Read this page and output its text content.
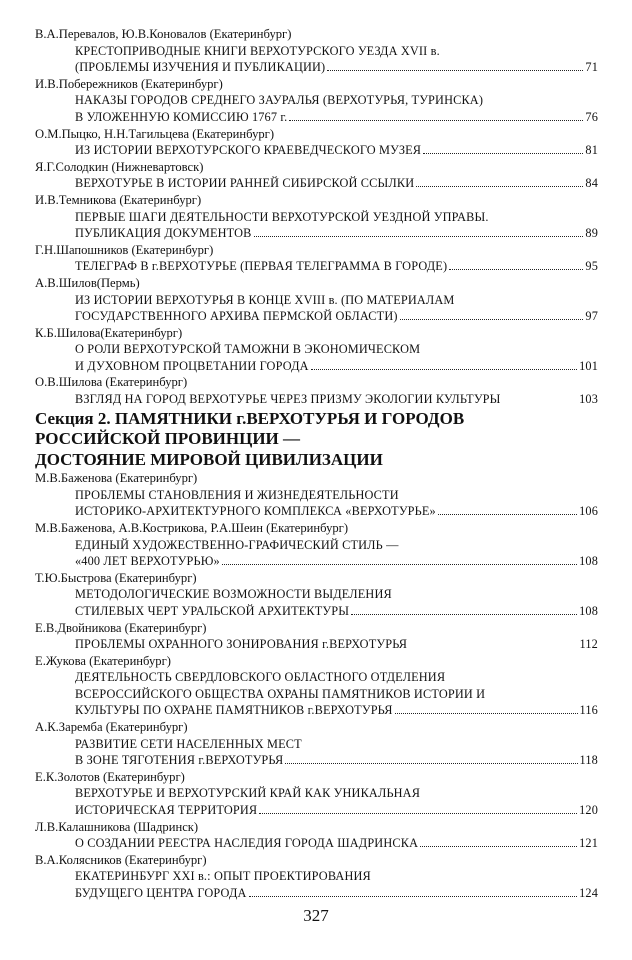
В.А.Перевалов, Ю.В.Коновалов (Екатеринбург)
КРЕСТОПРИВОДНЫЕ КНИГИ ВЕРХОТУРСКОГО УЕЗДА XVII в.
(ПРОБЛЕМЫ ИЗУЧЕНИЯ И ПУБЛИКАЦИИ)	71
И.В.Побережников (Екатеринбург)
НАКАЗЫ ГОРОДОВ СРЕДНЕГО ЗАУРАЛЬЯ (ВЕРХОТУРЬЯ, ТУРИНСКА)
В УЛОЖЕННУЮ КОМИССИЮ 1767 г.	76
О.М.Пыцко, Н.Н.Тагильцева (Екатеринбург)
ИЗ ИСТОРИИ ВЕРХОТУРСКОГО КРАЕВЕДЧЕСКОГО МУЗЕЯ	81
Я.Г.Солодкин (Нижневартовск)
ВЕРХОТУРЬЕ В ИСТОРИИ РАННЕЙ СИБИРСКОЙ ССЫЛКИ	84
И.В.Темникова (Екатеринбург)
ПЕРВЫЕ ШАГИ ДЕЯТЕЛЬНОСТИ ВЕРХОТУРСКОЙ УЕЗДНОЙ УПРАВЫ.
ПУБЛИКАЦИЯ ДОКУМЕНТОВ	89
Г.Н.Шапошников (Екатеринбург)
ТЕЛЕГРАФ В г.ВЕРХОТУРЬЕ (ПЕРВАЯ ТЕЛЕГРАММА В ГОРОДЕ)	95
А.В.Шилов(Пермь)
ИЗ ИСТОРИИ ВЕРХОТУРЬЯ В КОНЦЕ XVIII в. (ПО МАТЕРИАЛАМ
ГОСУДАРСТВЕННОГО АРХИВА ПЕРМСКОЙ ОБЛАСТИ)	97
К.Б.Шилова(Екатеринбург)
О РОЛИ ВЕРХОТУРСКОЙ ТАМОЖНИ В ЭКОНОМИЧЕСКОМ
И ДУХОВНОМ ПРОЦВЕТАНИИ ГОРОДА	101
О.В.Шилова (Екатеринбург)
ВЗГЛЯД НА ГОРОД ВЕРХОТУРЬЕ ЧЕРЕЗ ПРИЗМУ ЭКОЛОГИИ КУЛЬТУРЫ	103
Секция 2. ПАМЯТНИКИ г.ВЕРХОТУРЬЯ И ГОРОДОВ
РОССИЙСКОЙ ПРОВИНЦИИ —
ДОСТОЯНИЕ МИРОВОЙ ЦИВИЛИЗАЦИИ
М.В.Баженова (Екатеринбург)
ПРОБЛЕМЫ СТАНОВЛЕНИЯ И ЖИЗНЕДЕЯТЕЛЬНОСТИ
ИСТОРИКО-АРХИТЕКТУРНОГО КОМПЛЕКСА «ВЕРХОТУРЬЕ»	106
М.В.Баженова, А.В.Кострикова, Р.А.Шеин (Екатеринбург)
ЕДИНЫЙ ХУДОЖЕСТВЕННО-ГРАФИЧЕСКИЙ СТИЛЬ —
«400 ЛЕТ ВЕРХОТУРЬЮ»	108
Т.Ю.Быстрова (Екатеринбург)
МЕТОДОЛОГИЧЕСКИЕ ВОЗМОЖНОСТИ ВЫДЕЛЕНИЯ
СТИЛЕВЫХ ЧЕРТ УРАЛЬСКОЙ АРХИТЕКТУРЫ	108
Е.В.Двойникова (Екатеринбург)
ПРОБЛЕМЫ ОХРАННОГО ЗОНИРОВАНИЯ г.ВЕРХОТУРЬЯ	112
Е.Жукова (Екатеринбург)
ДЕЯТЕЛЬНОСТЬ СВЕРДЛОВСКОГО ОБЛАСТНОГО ОТДЕЛЕНИЯ
ВСЕРОССИЙСКОГО ОБЩЕСТВА ОХРАНЫ ПАМЯТНИКОВ ИСТОРИИ И
КУЛЬТУРЫ ПО ОХРАНЕ ПАМЯТНИКОВ г.ВЕРХОТУРЬЯ	116
А.К.Заремба (Екатеринбург)
РАЗВИТИЕ СЕТИ НАСЕЛЕННЫХ МЕСТ
В ЗОНЕ ТЯГОТЕНИЯ г.ВЕРХОТУРЬЯ	118
Е.К.Золотов (Екатеринбург)
ВЕРХОТУРЬЕ И ВЕРХОТУРСКИЙ КРАЙ КАК УНИКАЛЬНАЯ
ИСТОРИЧЕСКАЯ ТЕРРИТОРИЯ	120
Л.В.Калашникова (Шадринск)
О СОЗДАНИИ РЕЕСТРА НАСЛЕДИЯ ГОРОДА ШАДРИНСКА	121
В.А.Колясников (Екатеринбург)
ЕКАТЕРИНБУРГ XXI в.: ОПЫТ ПРОЕКТИРОВАНИЯ
БУДУЩЕГО ЦЕНТРА ГОРОДА	124
327
